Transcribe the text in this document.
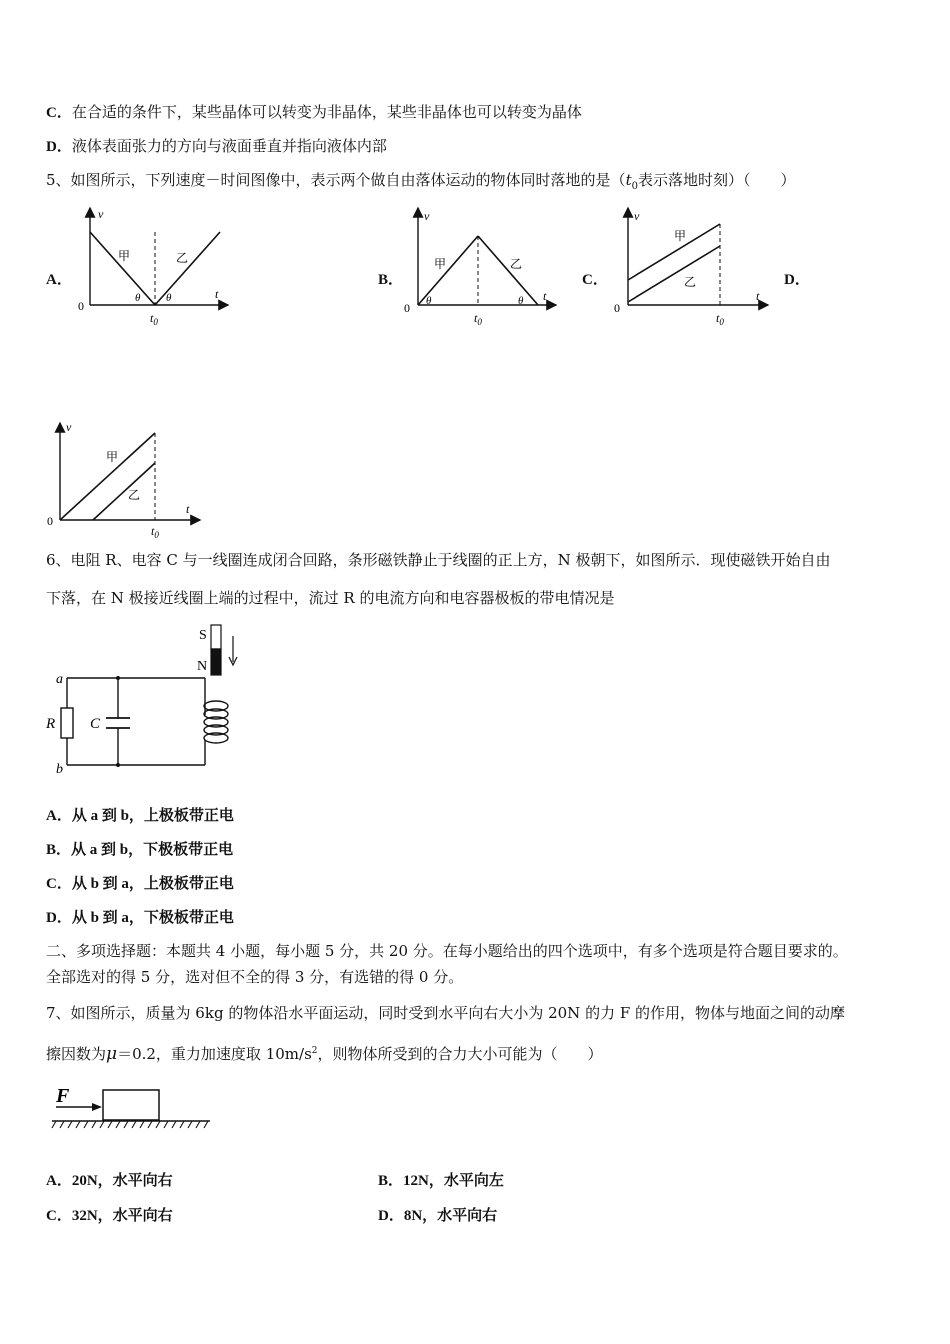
C．在合适的条件下，某些晶体可以转变为非晶体，某些非晶体也可以转变为晶体
D．液体表面张力的方向与液面垂直并指向液体内部
5、如图所示，下列速度－时间图像中，表示两个做自由落体运动的物体同时落地的是（$t_0$表示落地时刻）（　　）
A．	B．	C．	D．
v
t
0
$t_0$
甲	乙
θ θ
v
t
0
$t_0$
甲	乙
θ	θ
v
t
0
$t_0$
甲
乙
v
t
0
$t_0$
甲
乙
6、电阻 R、电容 C 与一线圈连成闭合回路，条形磁铁静止于线圈的正上方，N 极朝下，如图所示．现使磁铁开始自由
下落，在 N 极接近线圈上端的过程中，流过 R 的电流方向和电容器极板的带电情况是
S
N
a
b
R C
A．从 a 到 b，上极板带正电
B．从 a 到 b，下极板带正电
C．从 b 到 a，上极板带正电
D．从 b 到 a，下极板带正电
二、多项选择题：本题共 4 小题，每小题 5 分，共 20 分。在每小题给出的四个选项中，有多个选项是符合题目要求的。
全部选对的得 5 分，选对但不全的得 3 分，有选错的得 0 分。
7、如图所示，质量为 6kg 的物体沿水平面运动，同时受到水平向右大小为 20N 的力 F 的作用，物体与地面之间的动摩
擦因数为μ＝0.2，重力加速度取 $10m/s^2$，则物体所受到的合力大小可能为（　　）
F
A．20N，水平向右	B．12N，水平向左
C．32N，水平向右	D．8N，水平向右
